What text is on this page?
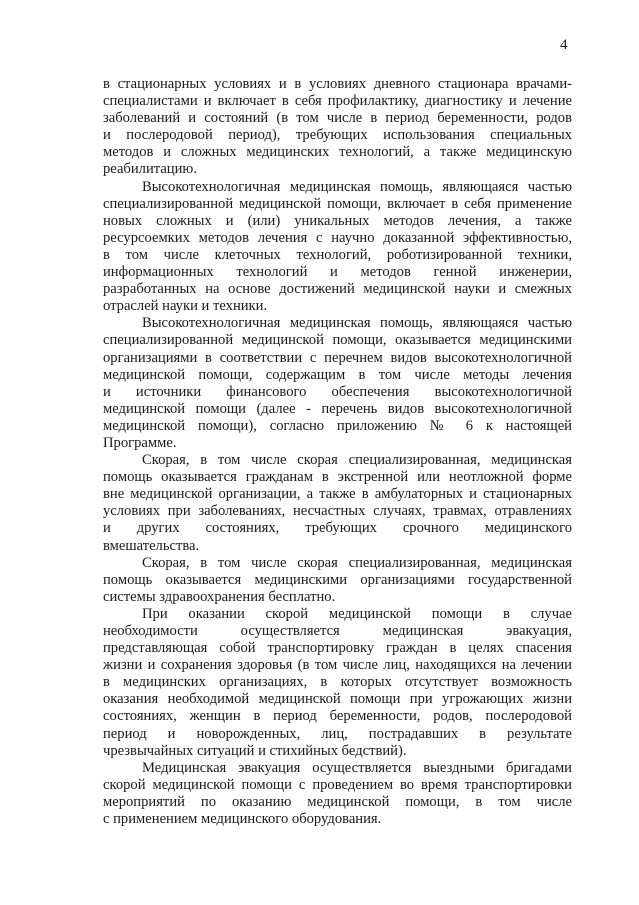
4
в стационарных условиях и в условиях дневного стационара врачами-
специалистами и включает в себя профилактику, диагностику и лечение
заболеваний и состояний (в том числе в период беременности, родов
и послеродовой период), требующих использования специальных
методов и сложных медицинских технологий, а также медицинскую
реабилитацию.
Высокотехнологичная медицинская помощь, являющаяся частью
специализированной медицинской помощи, включает в себя применение
новых сложных и (или) уникальных методов лечения, а также
ресурсоемких методов лечения с научно доказанной эффективностью,
в том числе клеточных технологий, роботизированной техники,
информационных технологий и методов генной инженерии,
разработанных на основе достижений медицинской науки и смежных
отраслей науки и техники.
Высокотехнологичная медицинская помощь, являющаяся частью
специализированной медицинской помощи, оказывается медицинскими
организациями в соответствии с перечнем видов высокотехнологичной
медицинской помощи, содержащим в том числе методы лечения
и источники финансового обеспечения высокотехнологичной
медицинской помощи (далее - перечень видов высокотехнологичной
медицинской помощи), согласно приложению № 6 к настоящей
Программе.
Скорая, в том числе скорая специализированная, медицинская
помощь оказывается гражданам в экстренной или неотложной форме
вне медицинской организации, а также в амбулаторных и стационарных
условиях при заболеваниях, несчастных случаях, травмах, отравлениях
и других состояниях, требующих срочного медицинского
вмешательства.
Скорая, в том числе скорая специализированная, медицинская
помощь оказывается медицинскими организациями государственной
системы здравоохранения бесплатно.
При оказании скорой медицинской помощи в случае
необходимости осуществляется медицинская эвакуация,
представляющая собой транспортировку граждан в целях спасения
жизни и сохранения здоровья (в том числе лиц, находящихся на лечении
в медицинских организациях, в которых отсутствует возможность
оказания необходимой медицинской помощи при угрожающих жизни
состояниях, женщин в период беременности, родов, послеродовой
период и новорожденных, лиц, пострадавших в результате
чрезвычайных ситуаций и стихийных бедствий).
Медицинская эвакуация осуществляется выездными бригадами
скорой медицинской помощи с проведением во время транспортировки
мероприятий по оказанию медицинской помощи, в том числе
с применением медицинского оборудования.
